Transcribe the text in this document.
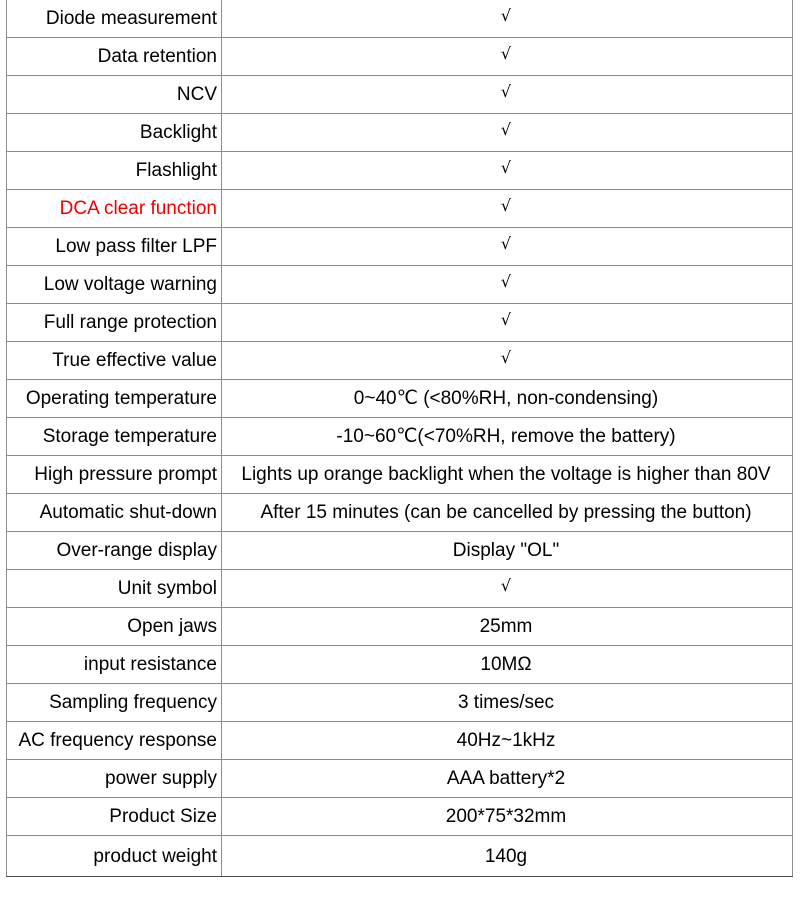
Diode measurement	√
Data retention	√
NCV	√
Backlight	√
Flashlight	√
DCA clear function	√
Low pass filter LPF	√
Low voltage warning	√
Full range protection	√
True effective value	√
Operating temperature	0~40℃ (<80%RH, non-condensing)
Storage temperature	-10~60℃(<70%RH, remove the battery)
High pressure prompt	Lights up orange backlight when the voltage is higher than 80V
Automatic shut-down	After 15 minutes (can be cancelled by pressing the button)
Over-range display	Display "OL"
Unit symbol	√
Open jaws	25mm
input resistance	10MΩ
Sampling frequency	3 times/sec
AC frequency response	40Hz~1kHz
power supply	AAA battery*2
Product Size	200*75*32mm
product weight	140g
